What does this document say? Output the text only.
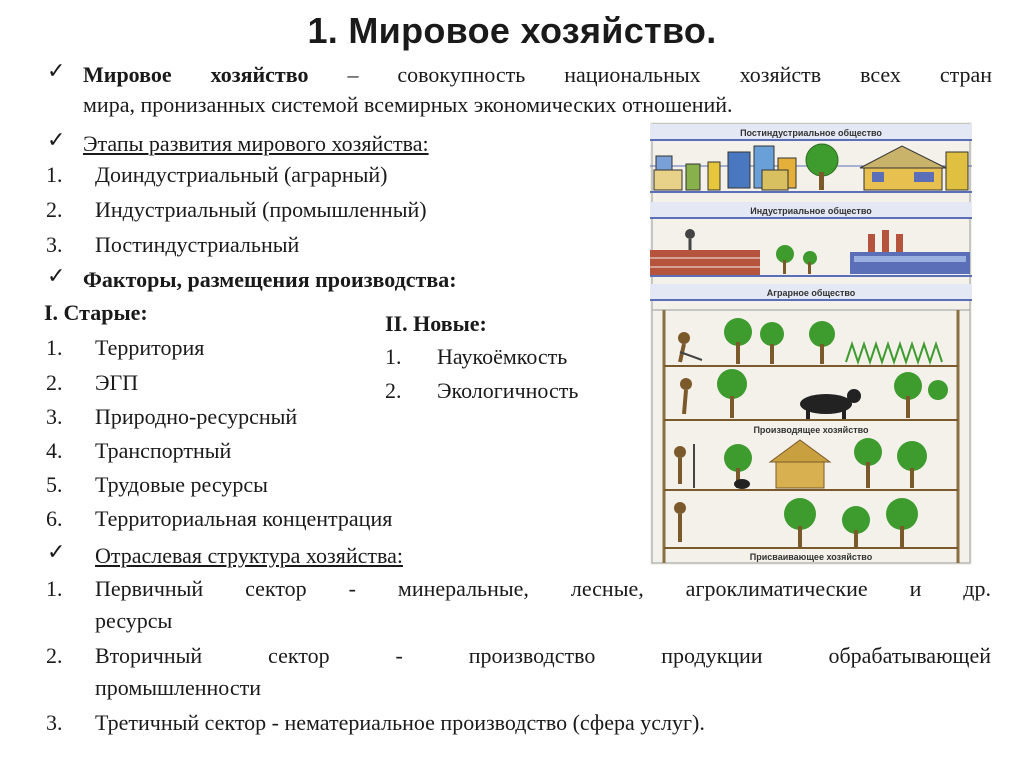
1. Мировое хозяйство.
✓ Мировое хозяйство – совокупность национальных хозяйств всех стран
мира, пронизанных системой всемирных экономических отношений.
✓ Этапы развития мирового хозяйства:
1. Доиндустриальный (аграрный)
2. Индустриальный (промышленный)
3. Постиндустриальный
✓ Факторы, размещения производства:
I. Старые:
1. Территория
2. ЭГП
3. Природно-ресурсный
4. Транспортный
5. Трудовые ресурсы
6. Территориальная концентрация
II. Новые:
1. Наукоёмкость
2. Экологичность
✓ Отраслевая структура хозяйства:
1. Первичный сектор - минеральные, лесные, агроклиматические и др.
ресурсы
2. Вторичный сектор - производство продукции обрабатывающей
промышленности
3. Третичный сектор - нематериальное производство (сфера услуг).
Постиндустриальное общество
Индустриальное общество
Аграрное общество
Производящее хозяйство
Присваивающее хозяйство
